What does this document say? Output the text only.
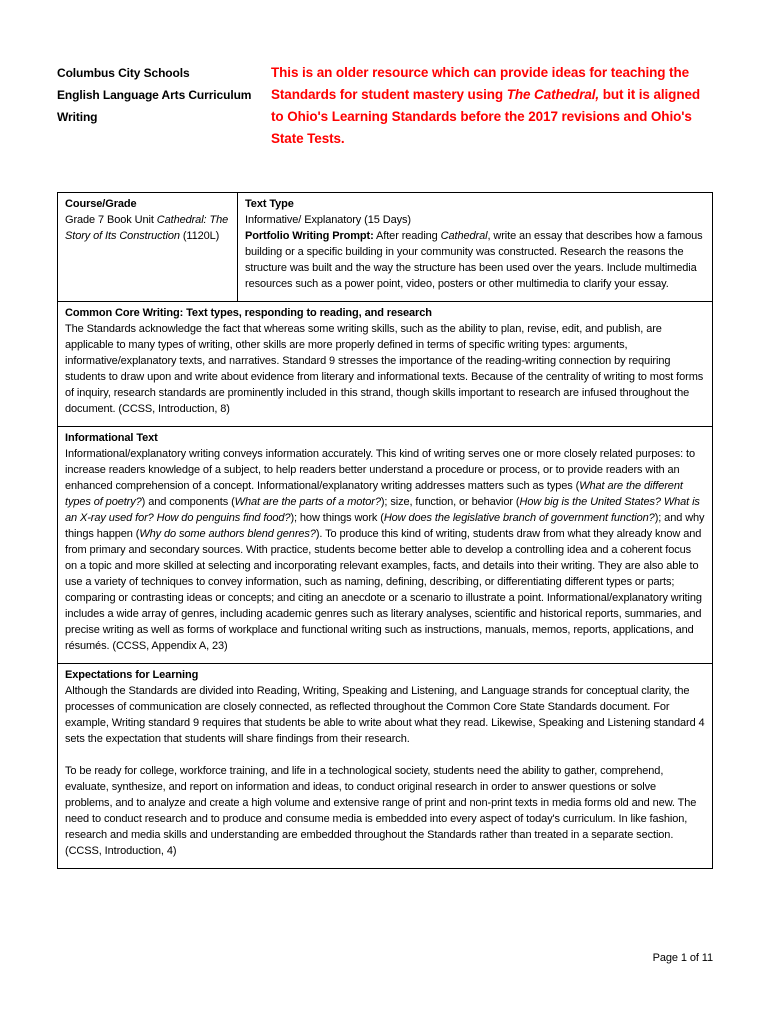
Columbus City Schools
English Language Arts Curriculum
Writing
This is an older resource which can provide ideas for teaching the Standards for student mastery using The Cathedral, but it is aligned to Ohio's Learning Standards before the 2017 revisions and Ohio's State Tests.
Course/Grade
Grade 7 Book Unit Cathedral: The Story of Its Construction (1120L)

Text Type
Informative/ Explanatory (15 Days)
Portfolio Writing Prompt: After reading Cathedral, write an essay that describes how a famous building or a specific building in your community was constructed. Research the reasons the structure was built and the way the structure has been used over the years. Include multimedia resources such as a power point, video, posters or other multimedia to clarify your essay.

Common Core Writing: Text types, responding to reading, and research
The Standards acknowledge the fact that whereas some writing skills, such as the ability to plan, revise, edit, and publish, are applicable to many types of writing, other skills are more properly defined in terms of specific writing types: arguments, informative/explanatory texts, and narratives. Standard 9 stresses the importance of the reading-writing connection by requiring students to draw upon and write about evidence from literary and informational texts. Because of the centrality of writing to most forms of inquiry, research standards are prominently included in this strand, though skills important to research are infused throughout the document. (CCSS, Introduction, 8)

Informational Text
Informational/explanatory writing conveys information accurately. This kind of writing serves one or more closely related purposes: to increase readers knowledge of a subject, to help readers better understand a procedure or process, or to provide readers with an enhanced comprehension of a concept. Informational/explanatory writing addresses matters such as types (What are the different types of poetry?) and components (What are the parts of a motor?); size, function, or behavior (How big is the United States? What is an X-ray used for? How do penguins find food?); how things work (How does the legislative branch of government function?); and why things happen (Why do some authors blend genres?). To produce this kind of writing, students draw from what they already know and from primary and secondary sources. With practice, students become better able to develop a controlling idea and a coherent focus on a topic and more skilled at selecting and incorporating relevant examples, facts, and details into their writing. They are also able to use a variety of techniques to convey information, such as naming, defining, describing, or differentiating different types or parts; comparing or contrasting ideas or concepts; and citing an anecdote or a scenario to illustrate a point. Informational/explanatory writing includes a wide array of genres, including academic genres such as literary analyses, scientific and historical reports, summaries, and precise writing as well as forms of workplace and functional writing such as instructions, manuals, memos, reports, applications, and résumés. (CCSS, Appendix A, 23)

Expectations for Learning

Although the Standards are divided into Reading, Writing, Speaking and Listening, and Language strands for conceptual clarity, the processes of communication are closely connected, as reflected throughout the Common Core State Standards document. For example, Writing standard 9 requires that students be able to write about what they read. Likewise, Speaking and Listening standard 4 sets the expectation that students will share findings from their research.

To be ready for college, workforce training, and life in a technological society, students need the ability to gather, comprehend, evaluate, synthesize, and report on information and ideas, to conduct original research in order to answer questions or solve problems, and to analyze and create a high volume and extensive range of print and non-print texts in media forms old and new. The need to conduct research and to produce and consume media is embedded into every aspect of today's curriculum. In like fashion, research and media skills and understanding are embedded throughout the Standards rather than treated in a separate section. (CCSS, Introduction, 4)

Page 1 of 11
